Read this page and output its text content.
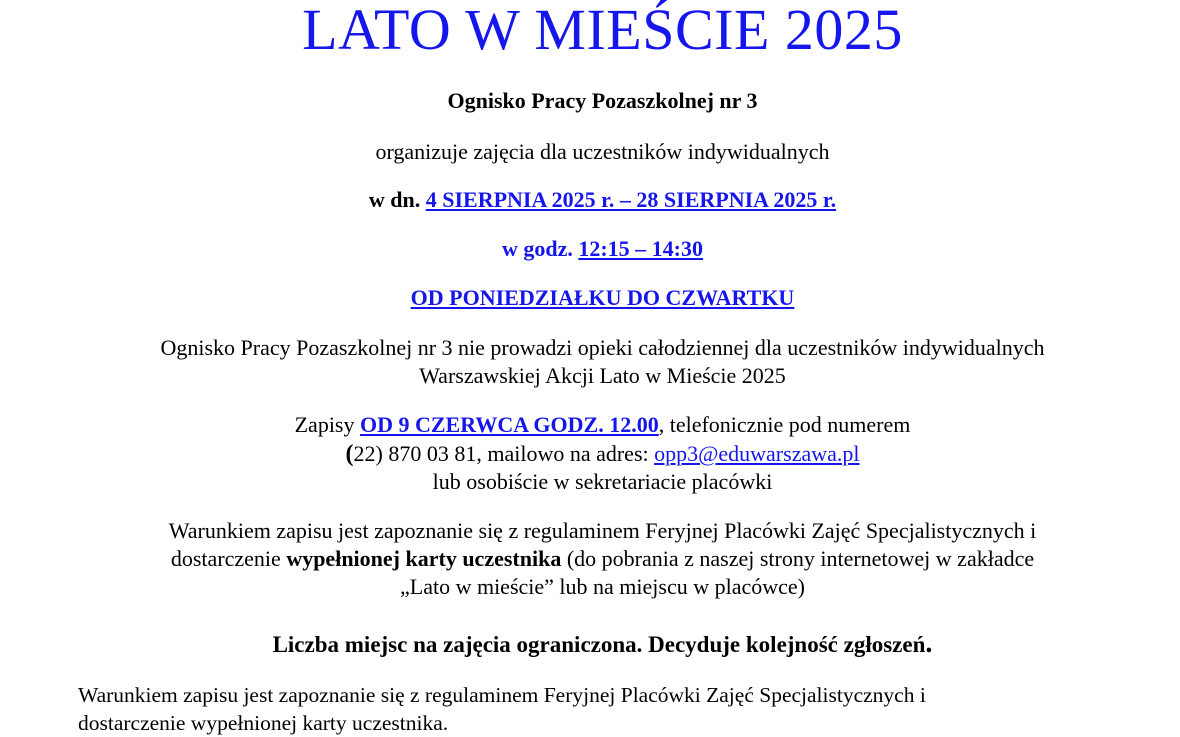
LATO W MIEŚCIE 2025
Ognisko Pracy Pozaszkolnej nr 3
organizuje zajęcia dla uczestników indywidualnych
w dn. 4 SIERPNIA 2025 r. – 28 SIERPNIA 2025 r.
w godz. 12:15 – 14:30
OD PONIEDZIAŁKU DO CZWARTKU
Ognisko Pracy Pozaszkolnej nr 3 nie prowadzi opieki całodziennej dla uczestników indywidualnych
Warszawskiej Akcji Lato w Mieście 2025
Zapisy OD 9 CZERWCA GODZ. 12.00, telefonicznie pod numerem
(22) 870 03 81, mailowo na adres: opp3@eduwarszawa.pl
lub osobiście w sekretariacie placówki
Warunkiem zapisu jest zapoznanie się z regulaminem Feryjnej Placówki Zajęć Specjalistycznych i
dostarczenie wypełnionej karty uczestnika (do pobrania z naszej strony internetowej w zakładce
„Lato w mieście” lub na miejscu w placówce)
Liczba miejsc na zajęcia ograniczona. Decyduje kolejność zgłoszeń.
Warunkiem zapisu jest zapoznanie się z regulaminem Feryjnej Placówki Zajęć Specjalistycznych i
dostarczenie wypełnionej karty uczestnika.
